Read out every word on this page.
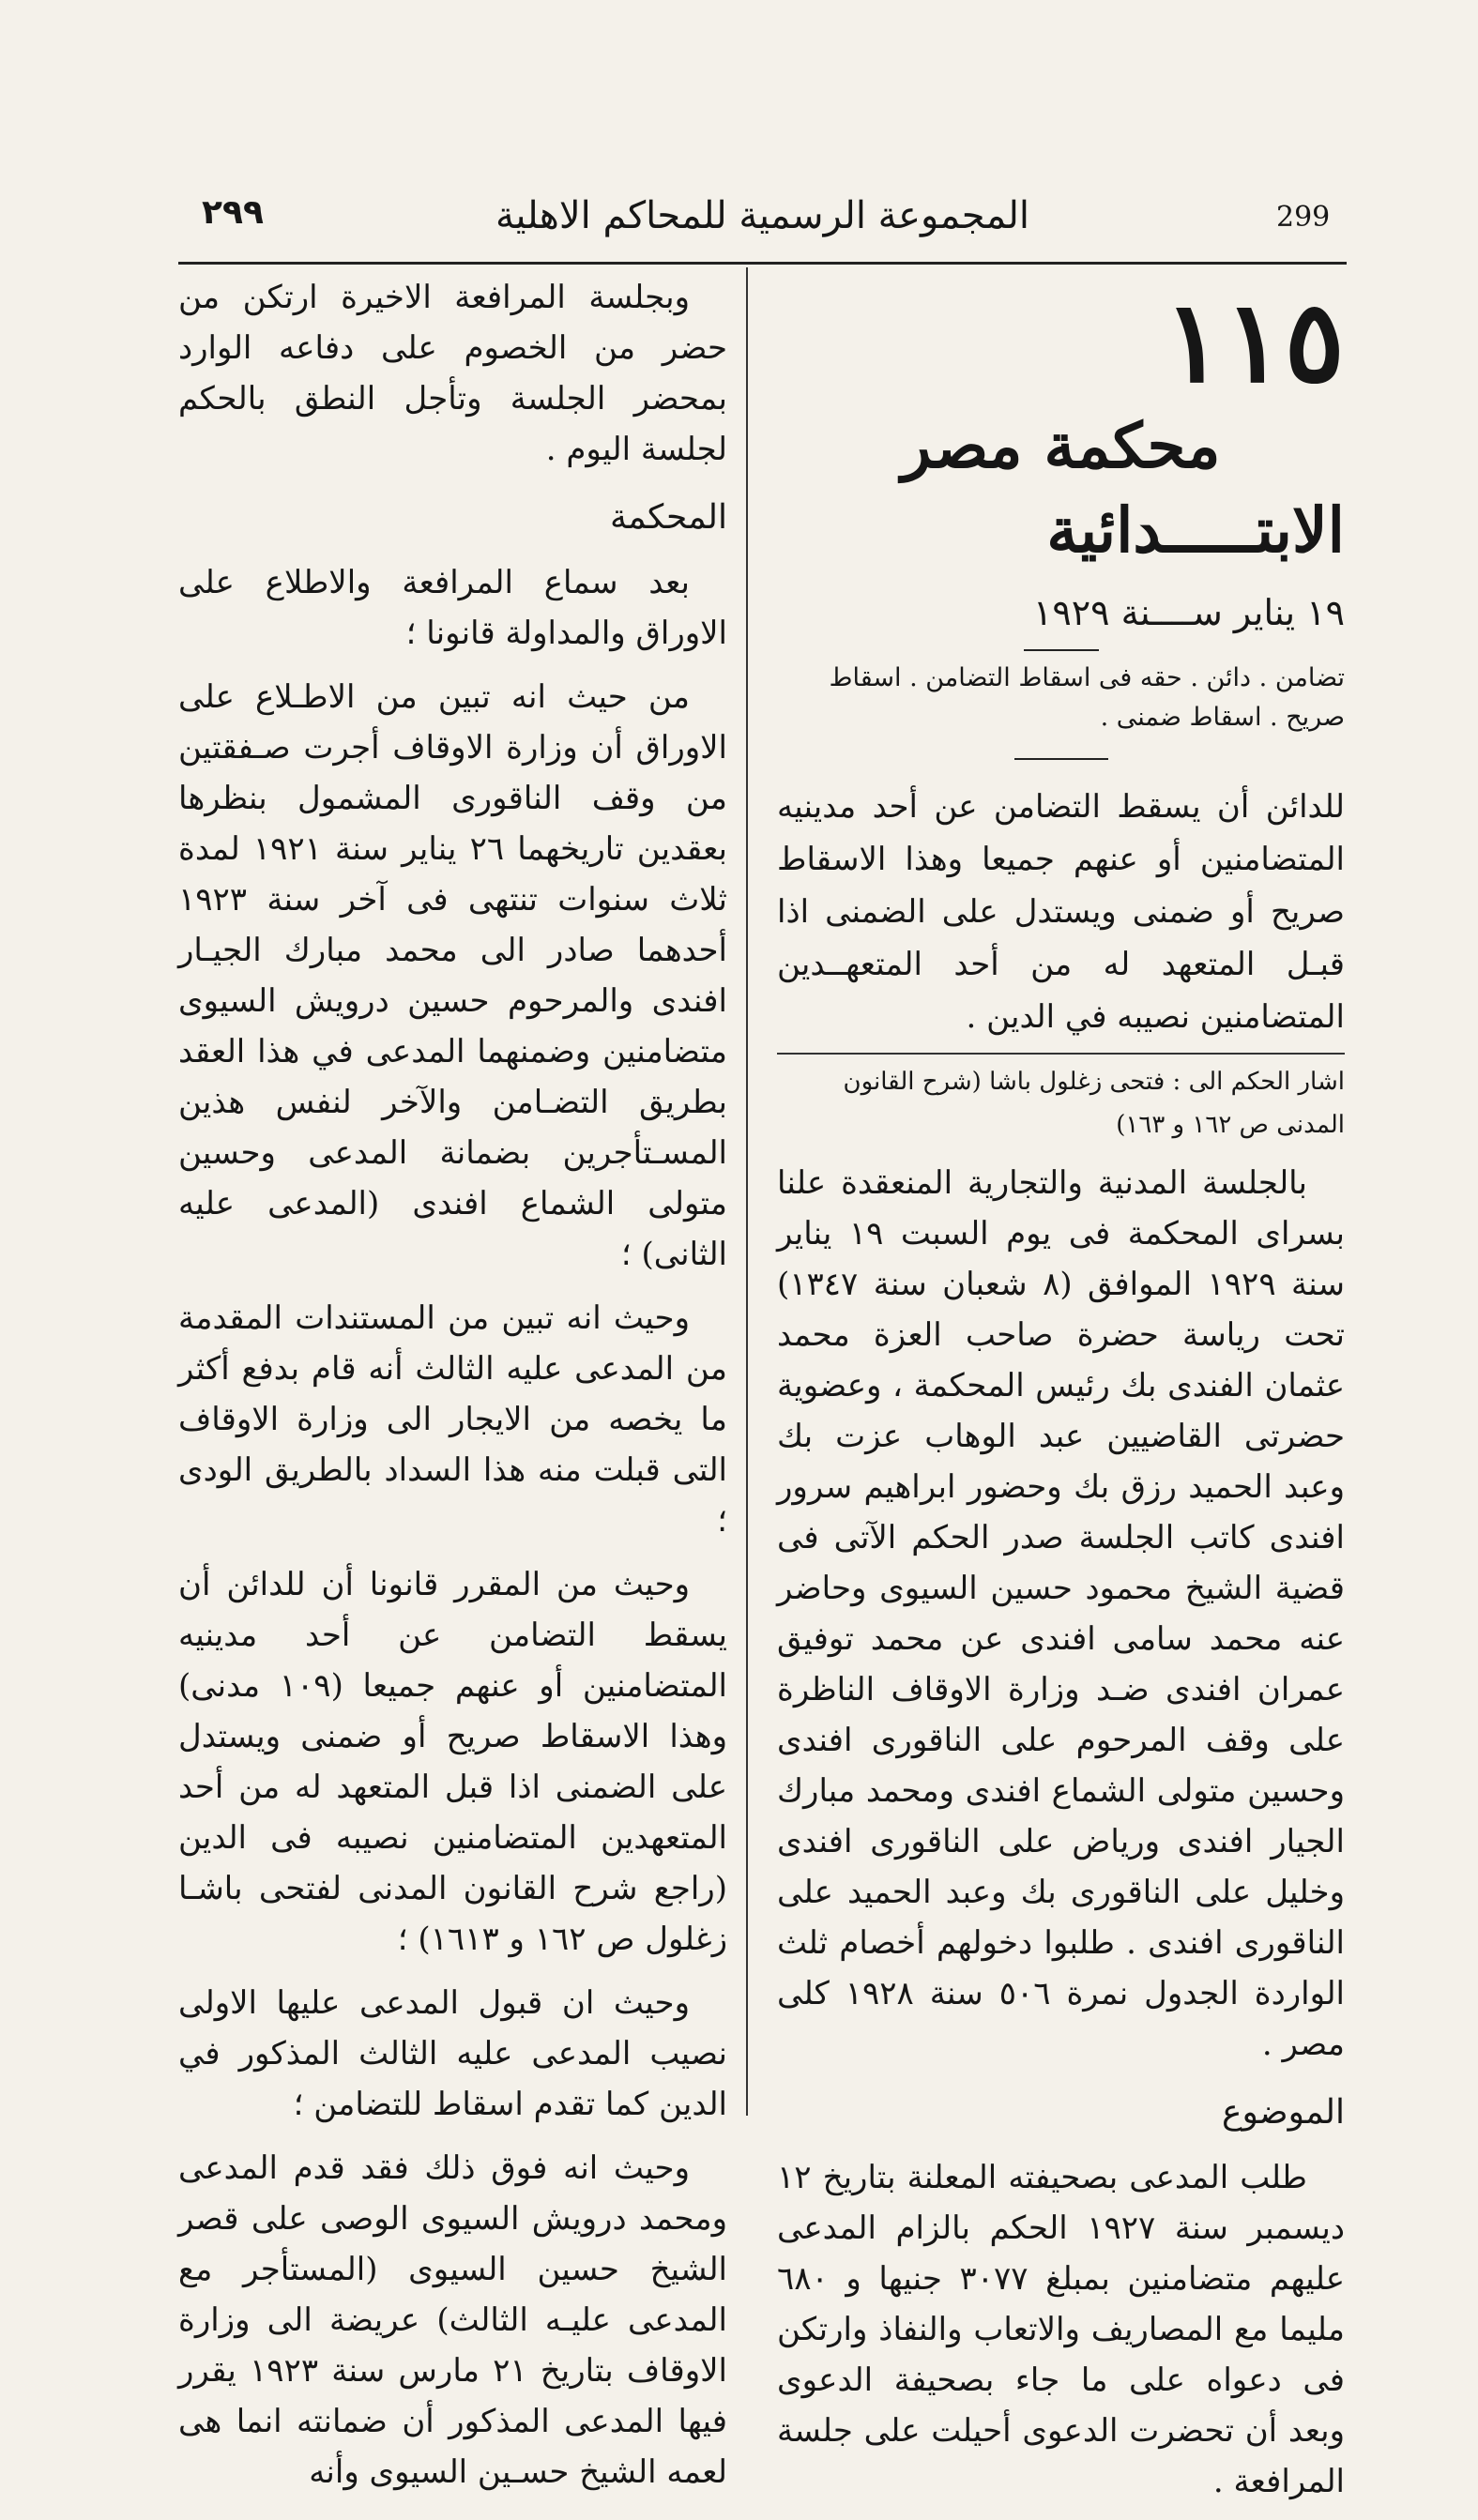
المجموعة الرسمية للمحاكم الاهلية	299
٢٩٩
١١٥
محكمة مصر الابتـــــدائية
١٩ يناير ســــنة ١٩٢٩
تضامن . دائن . حقه فى اسقاط التضامن . اسقاط صريح . اسقاط ضمنى .
للدائن أن يسقط التضامن عن أحد مدينيه المتضامنين أو عنهم جميعا وهذا الاسقاط صريح أو ضمنى ويستدل على الضمنى اذا قبـل المتعهد له من أحد المتعهــدين المتضامنين نصيبه في الدين .
اشار الحكم الى : فتحى زغلول باشا (شرح القانون المدنى ص ١٦٢ و ١٦٣)

بالجلسة المدنية والتجارية المنعقدة علنا بسراى المحكمة فى يوم السبت ١٩ يناير سنة ١٩٢٩ الموافق (٨ شعبان سنة ١٣٤٧) تحت رياسة حضرة صاحب العزة محمد عثمان الفندى بك رئيس المحكمة ، وعضوية حضرتى القاضيين عبد الوهاب عزت بك وعبد الحميد رزق بك وحضور ابراهيم سرور افندى كاتب الجلسة صدر الحكم الآتى فى قضية الشيخ محمود حسين السيوى وحاضر عنه محمد سامى افندى عن محمد توفيق عمران افندى ضـد وزارة الاوقاف الناظرة على وقف المرحوم على الناقورى افندى وحسين متولى الشماع افندى ومحمد مبارك الجيار افندى ورياض على الناقورى افندى وخليل على الناقورى بك وعبد الحميد على الناقورى افندى . طلبوا دخولهم أخصام ثلث الواردة الجدول نمرة ٥٠٦ سنة ١٩٢٨ كلى مصر .

الموضوع

طلب المدعى بصحيفته المعلنة بتاريخ ١٢ ديسمبر سنة ١٩٢٧ الحكم بالزام المدعى عليهم متضامنين بمبلغ ٣٠٧٧ جنيها و ٦٨٠ مليما مع المصاريف والاتعاب والنفاذ وارتكن فى دعواه على ما جاء بصحيفة الدعوى وبعد أن تحضرت الدعوى أحيلت على جلسة المرافعة .

وبجلسة المرافعة الاخيرة ارتكن من حضر من الخصوم على دفاعه الوارد بمحضر الجلسة وتأجل النطق بالحكم لجلسة اليوم .

المحكمة

بعد سماع المرافعة والاطلاع على الاوراق والمداولة قانونا ؛

من حيث انه تبين من الاطـلاع على الاوراق أن وزارة الاوقاف أجرت صـفقتين من وقف الناقورى المشمول بنظرها بعقدين تاريخهما ٢٦ يناير سنة ١٩٢١ لمدة ثلاث سنوات تنتهى فى آخر سنة ١٩٢٣ أحدهما صادر الى محمد مبارك الجيـار افندى والمرحوم حسين درويش السيوى متضامنين وضمنهما المدعى في هذا العقد بطريق التضـامن والآخر لنفس هذين المسـتأجرين بضمانة المدعى وحسين متولى الشماع افندى (المدعى عليه الثانى) ؛

وحيث انه تبين من المستندات المقدمة من المدعى عليه الثالث أنه قام بدفع أكثر ما يخصه من الايجار الى وزارة الاوقاف التى قبلت منه هذا السداد بالطريق الودى ؛

وحيث من المقرر قانونا أن للدائن أن يسقط التضامن عن أحد مدينيه المتضامنين أو عنهم جميعا (١٠٩ مدنى) وهذا الاسقاط صريح أو ضمنى ويستدل على الضمنى اذا قبل المتعهد له من أحد المتعهدين المتضامنين نصيبه فى الدين (راجع شرح القانون المدنى لفتحى باشـا زغلول ص ١٦٢ و ١٦١٣) ؛

وحيث ان قبول المدعى عليها الاولى نصيب المدعى عليه الثالث المذكور في الدين كما تقدم اسقاط للتضامن ؛

وحيث انه فوق ذلك فقد قدم المدعى ومحمد درويش السيوى الوصى على قصر الشيخ حسين السيوى (المستأجر مع المدعى عليـه الثالث) عريضة الى وزارة الاوقاف بتاريخ ٢١ مارس سنة ١٩٢٣ يقرر فيها المدعى المذكور أن ضمانته انما هى لعمه الشيخ حسـين السيوى وأنه
